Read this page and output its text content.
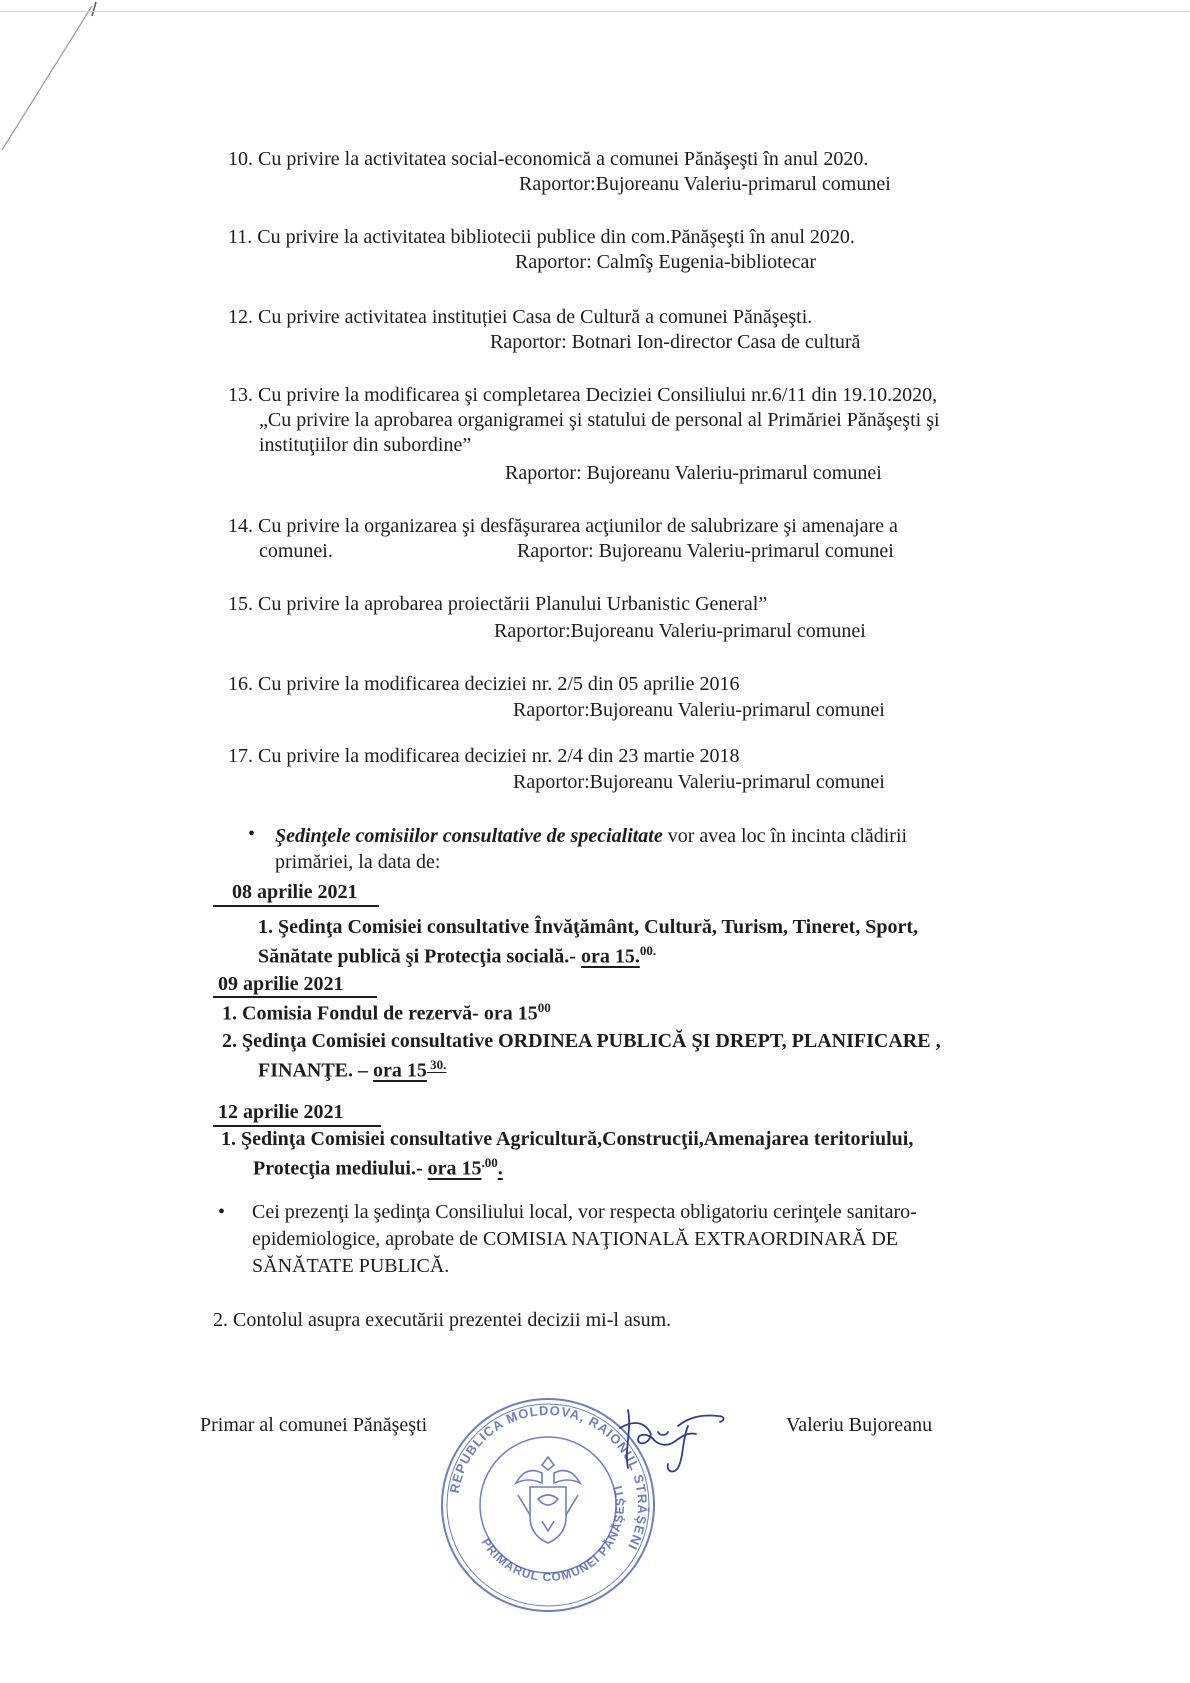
10. Cu privire la activitatea social-economică a comunei Pănăşeşti în anul 2020.
Raportor:Bujoreanu Valeriu-primarul comunei
11. Cu privire la activitatea bibliotecii publice din com.Pănăşeşti în anul 2020.
Raportor: Calmîş Eugenia-bibliotecar
12. Cu privire activitatea instituției Casa de Cultură a comunei Pănăşeşti.
Raportor: Botnari Ion-director Casa de cultură
13. Cu privire la modificarea şi completarea Deciziei Consiliului nr.6/11 din 19.10.2020,

„Cu privire la aprobarea organigramei şi statului de personal al Primăriei Pănăşeşti şi
instituţiilor din subordine”
Raportor: Bujoreanu Valeriu-primarul comunei
14. Cu privire la organizarea şi desfăşurarea acţiunilor de salubrizare şi amenajare a
comunei.	Raportor: Bujoreanu Valeriu-primarul comunei
15. Cu privire la aprobarea proiectării Planului Urbanistic General”
Raportor:Bujoreanu Valeriu-primarul comunei
16. Cu privire la modificarea deciziei nr. 2/5 din 05 aprilie 2016
Raportor:Bujoreanu Valeriu-primarul comunei
17. Cu privire la modificarea deciziei nr. 2/4 din 23 martie 2018
Raportor:Bujoreanu Valeriu-primarul comunei
• Şedinţele comisiilor consultative de specialitate vor avea loc în incinta clădirii
primăriei, la data de:
08 aprilie 2021
1. Şedinţa Comisiei consultative Învăţământ, Cultură, Turism, Tineret, Sport,
Sănătate publică şi Protecţia socială.- ora 15.$^{00.}$
09 aprilie 2021
1. Comisia Fondul de rezervă- ora $15^{00}$
2. Şedinţa Comisiei consultative ORDINEA PUBLICĂ ŞI DREPT, PLANIFICARE ,
FINANŢE. – ora 15 $^{30.}$
12 aprilie 2021
1. Şedinţa Comisiei consultative Agricultură,Construcţii,Amenajarea teritoriului,
Protecţia mediului.- ora $15^{.00}$.
• Cei prezenţi la şedinţa Consiliului local, vor respecta obligatoriu cerinţele sanitaro-
epidemiologice, aprobate de COMISIA NAŢIONALĂ EXTRAORDINARĂ DE
SĂNĂTATE PUBLICĂ.
2. Contolul asupra executării prezentei decizii mi-l asum.
Primar al comunei Pănăşeşti	Valeriu Bujoreanu
REPUBLICA MOLDOVA, RAIONUL STRĂŞENI
PRIMARUL COMUNEI PĂNĂŞEŞTI
